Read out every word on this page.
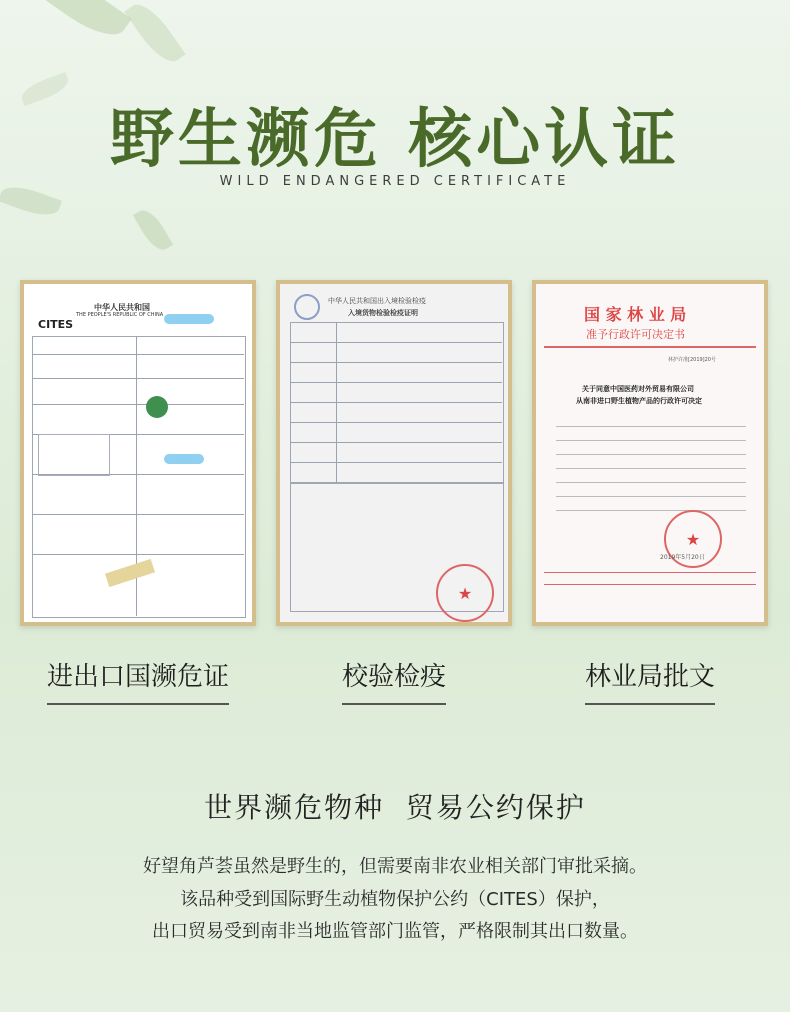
野生濒危 核心认证
WILD ENDANGERED CERTIFICATE
中华人民共和国
THE PEOPLE'S REPUBLIC OF CHINA
CITES
中华人民共和国出入境检验检疫
入境货物检验检疫证明
★
国 家 林 业 局
准予行政许可决定书
林护许准[2019]20号
关于同意中国医药对外贸易有限公司
从南非进口野生植物产品的行政许可决定
★
2019年5月20日
进出口国濒危证	校验检疫	林业局批文
世界濒危物种  贸易公约保护
好望角芦荟虽然是野生的，但需要南非农业相关部门审批采摘。
该品种受到国际野生动植物保护公约（CITES）保护，
出口贸易受到南非当地监管部门监管，严格限制其出口数量。
